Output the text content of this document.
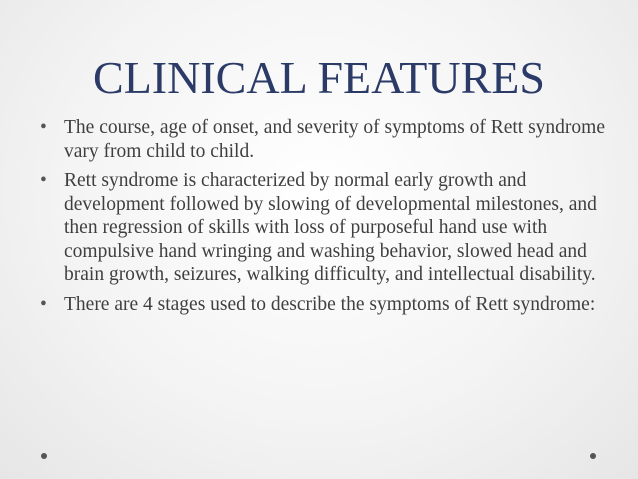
CLINICAL FEATURES
• The course, age of onset, and severity of symptoms of Rett syndrome vary from child to child.
• Rett syndrome is characterized by normal early growth and development followed by slowing of developmental milestones, and then regression of skills with loss of purposeful hand use with compulsive hand wringing and washing behavior, slowed head and brain growth, seizures, walking difficulty, and intellectual disability.
• There are 4 stages used to describe the symptoms of Rett syndrome:
